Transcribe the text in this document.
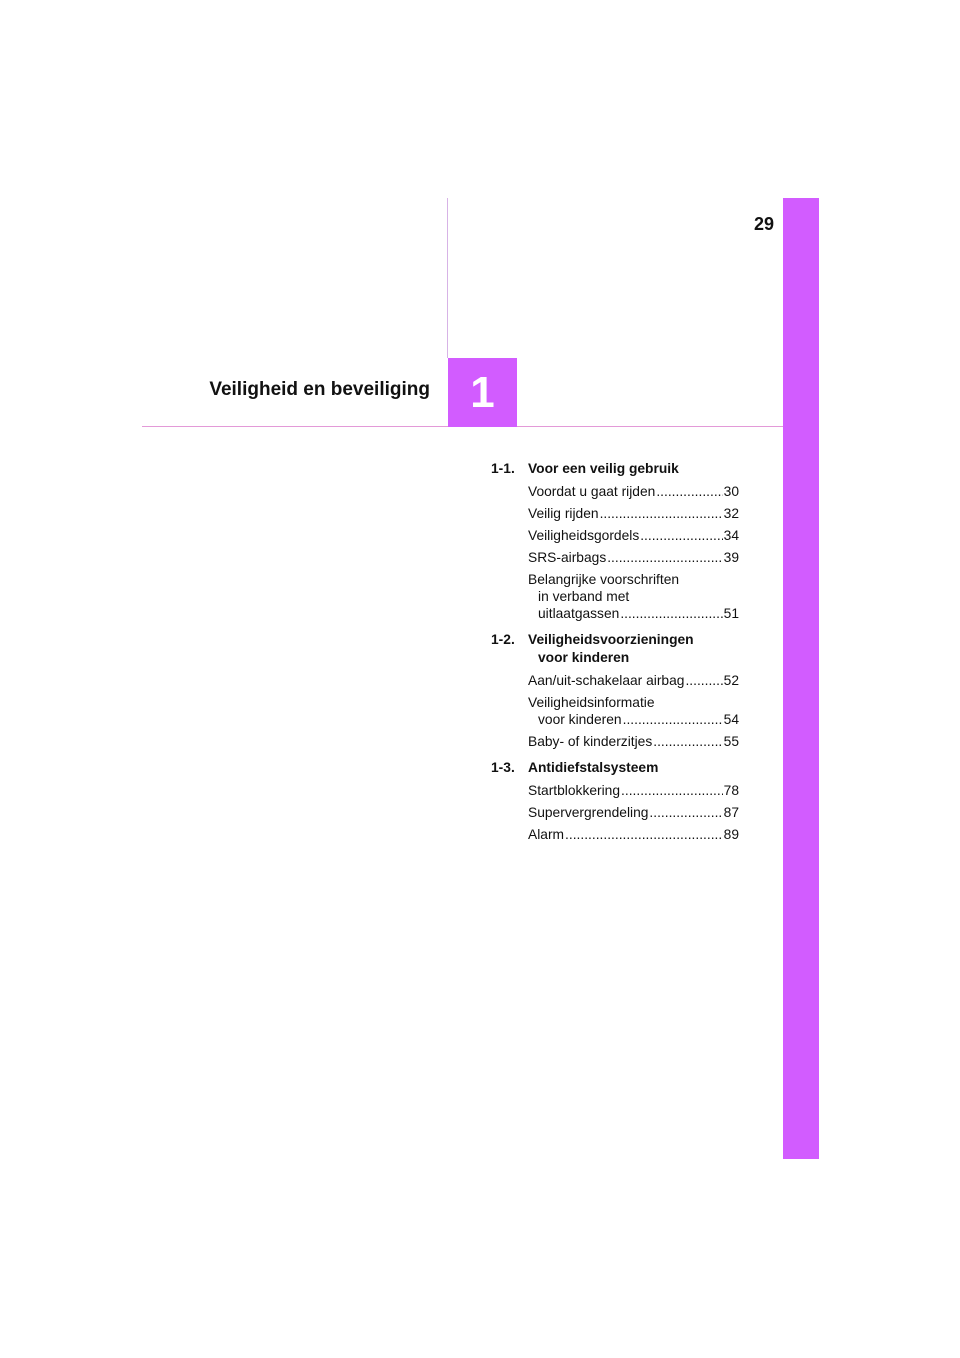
29
1
Veiligheid en beveiliging
1-1. Voor een veilig gebruik
Voordat u gaat rijden .....	30
Veilig rijden .....	32
Veiligheidsgordels .....	34
SRS-airbags .....	39
Belangrijke voorschriften
in verband met
uitlaatgassen .....	51
1-2. Veiligheidsvoorzieningen
voor kinderen
Aan/uit-schakelaar airbag .....	52
Veiligheidsinformatie
voor kinderen .....	54
Baby- of kinderzitjes .....	55
1-3. Antidiefstalsysteem
Startblokkering .....	78
Supervergrendeling .....	87
Alarm .....	89
